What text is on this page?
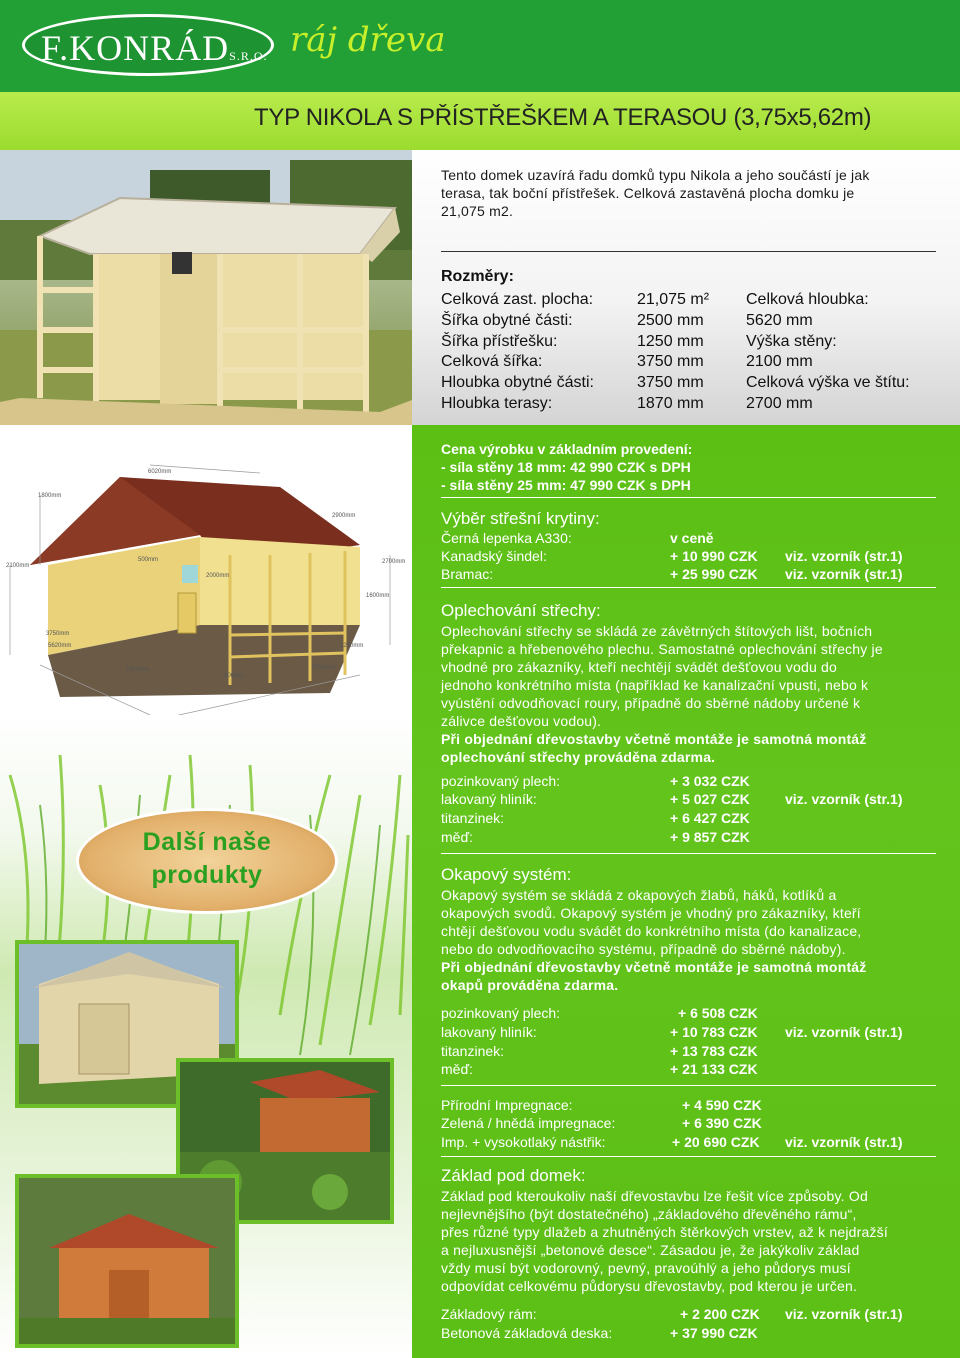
F.KONRÁDS.R.O. ráj dřeva
TYP NIKOLA S PŘÍSTŘEŠKEM A TERASOU (3,75x5,62m)
Tento domek uzavírá řadu domků typu Nikola a jeho součástí je jak
terasa, tak boční přístřešek. Celková zastavěná plocha domku je
21,075 m2.
Rozměry:
Celková zast. plocha:	21,075 m² Celková hloubka:
Šířka obytné části:	2500 mm	5620 mm
Šířka přístřešku:	1250 mm	Výška stěny:
Celková šířka:	3750 mm	2100 mm
Hloubka obytné části:	3750 mm	Celková výška ve štítu:
Hloubka terasy:	1870 mm	2700 mm
6020mm
1800mm
2900mm
2100mm
2700mm
3750mm
5620mm
1870mm	3750mm
1250mm
500mm
2000mm
1600mm
800mm
Další naše
produkty
Cena výrobku v základním provedení:
- síla stěny 18 mm: 42 990 CZK s DPH
- síla stěny 25 mm: 47 990 CZK s DPH
Výběr střešní krytiny:
Černá lepenka A330:	v ceně
Kanadský šindel:	+ 10 990 CZK viz. vzorník (str.1)
Bramac:	+ 25 990 CZK viz. vzorník (str.1)
Oplechování střechy:
Oplechování střechy se skládá ze závětrných štítových lišt, bočních
překapnic a hřebenového plechu. Samostatné oplechování střechy je
vhodné pro zákazníky, kteří nechtějí svádět dešťovou vodu do
jednoho konkrétního místa (například ke kanalizační vpusti, nebo k
vyústění odvodňovací roury, případně do sběrné nádoby určené k
zálivce dešťovou vodou).
Při objednání dřevostavby včetně montáže je samotná montáž
oplechování střechy prováděna zdarma.
pozinkovaný plech:	+ 3 032 CZK
lakovaný hliník:	+ 5 027 CZK	viz. vzorník (str.1)
titanzinek:	+ 6 427 CZK
měď:	+ 9 857 CZK
Okapový systém:
Okapový systém se skládá z okapových žlabů, háků, kotlíků a
okapových svodů. Okapový systém je vhodný pro zákazníky, kteří
chtějí dešťovou vodu svádět do konkrétního místa (do kanalizace,
nebo do odvodňovacího systému, případně do sběrné nádoby).
Při objednání dřevostavby včetně montáže je samotná montáž
okapů prováděna zdarma.
pozinkovaný plech:	+ 6 508 CZK
lakovaný hliník:	+ 10 783 CZK viz. vzorník (str.1)
titanzinek:	+ 13 783 CZK
měď:	+ 21 133 CZK
Přírodní Impregnace:	+ 4 590 CZK
Zelená / hnědá impregnace:	+ 6 390 CZK
Imp. + vysokotlaký nástřik:	+ 20 690 CZK viz. vzorník (str.1)
Základ pod domek:
Základ pod kteroukoliv naší dřevostavbu lze řešit více způsoby. Od
nejlevnějšího (být dostatečného) „základového dřevěného rámu“,
přes různé typy dlažeb a zhutněných štěrkových vrstev, až k nejdražší
a nejluxusnější „betonové desce“. Zásadou je, že jakýkoliv základ
vždy musí být vodorovný, pevný, pravoúhlý a jeho půdorys musí
odpovídat celkovému půdorysu dřevostavby, pod kterou je určen.
Základový rám:	+ 2 200 CZK viz. vzorník (str.1)
Betonová základová deska:	+ 37 990 CZK
